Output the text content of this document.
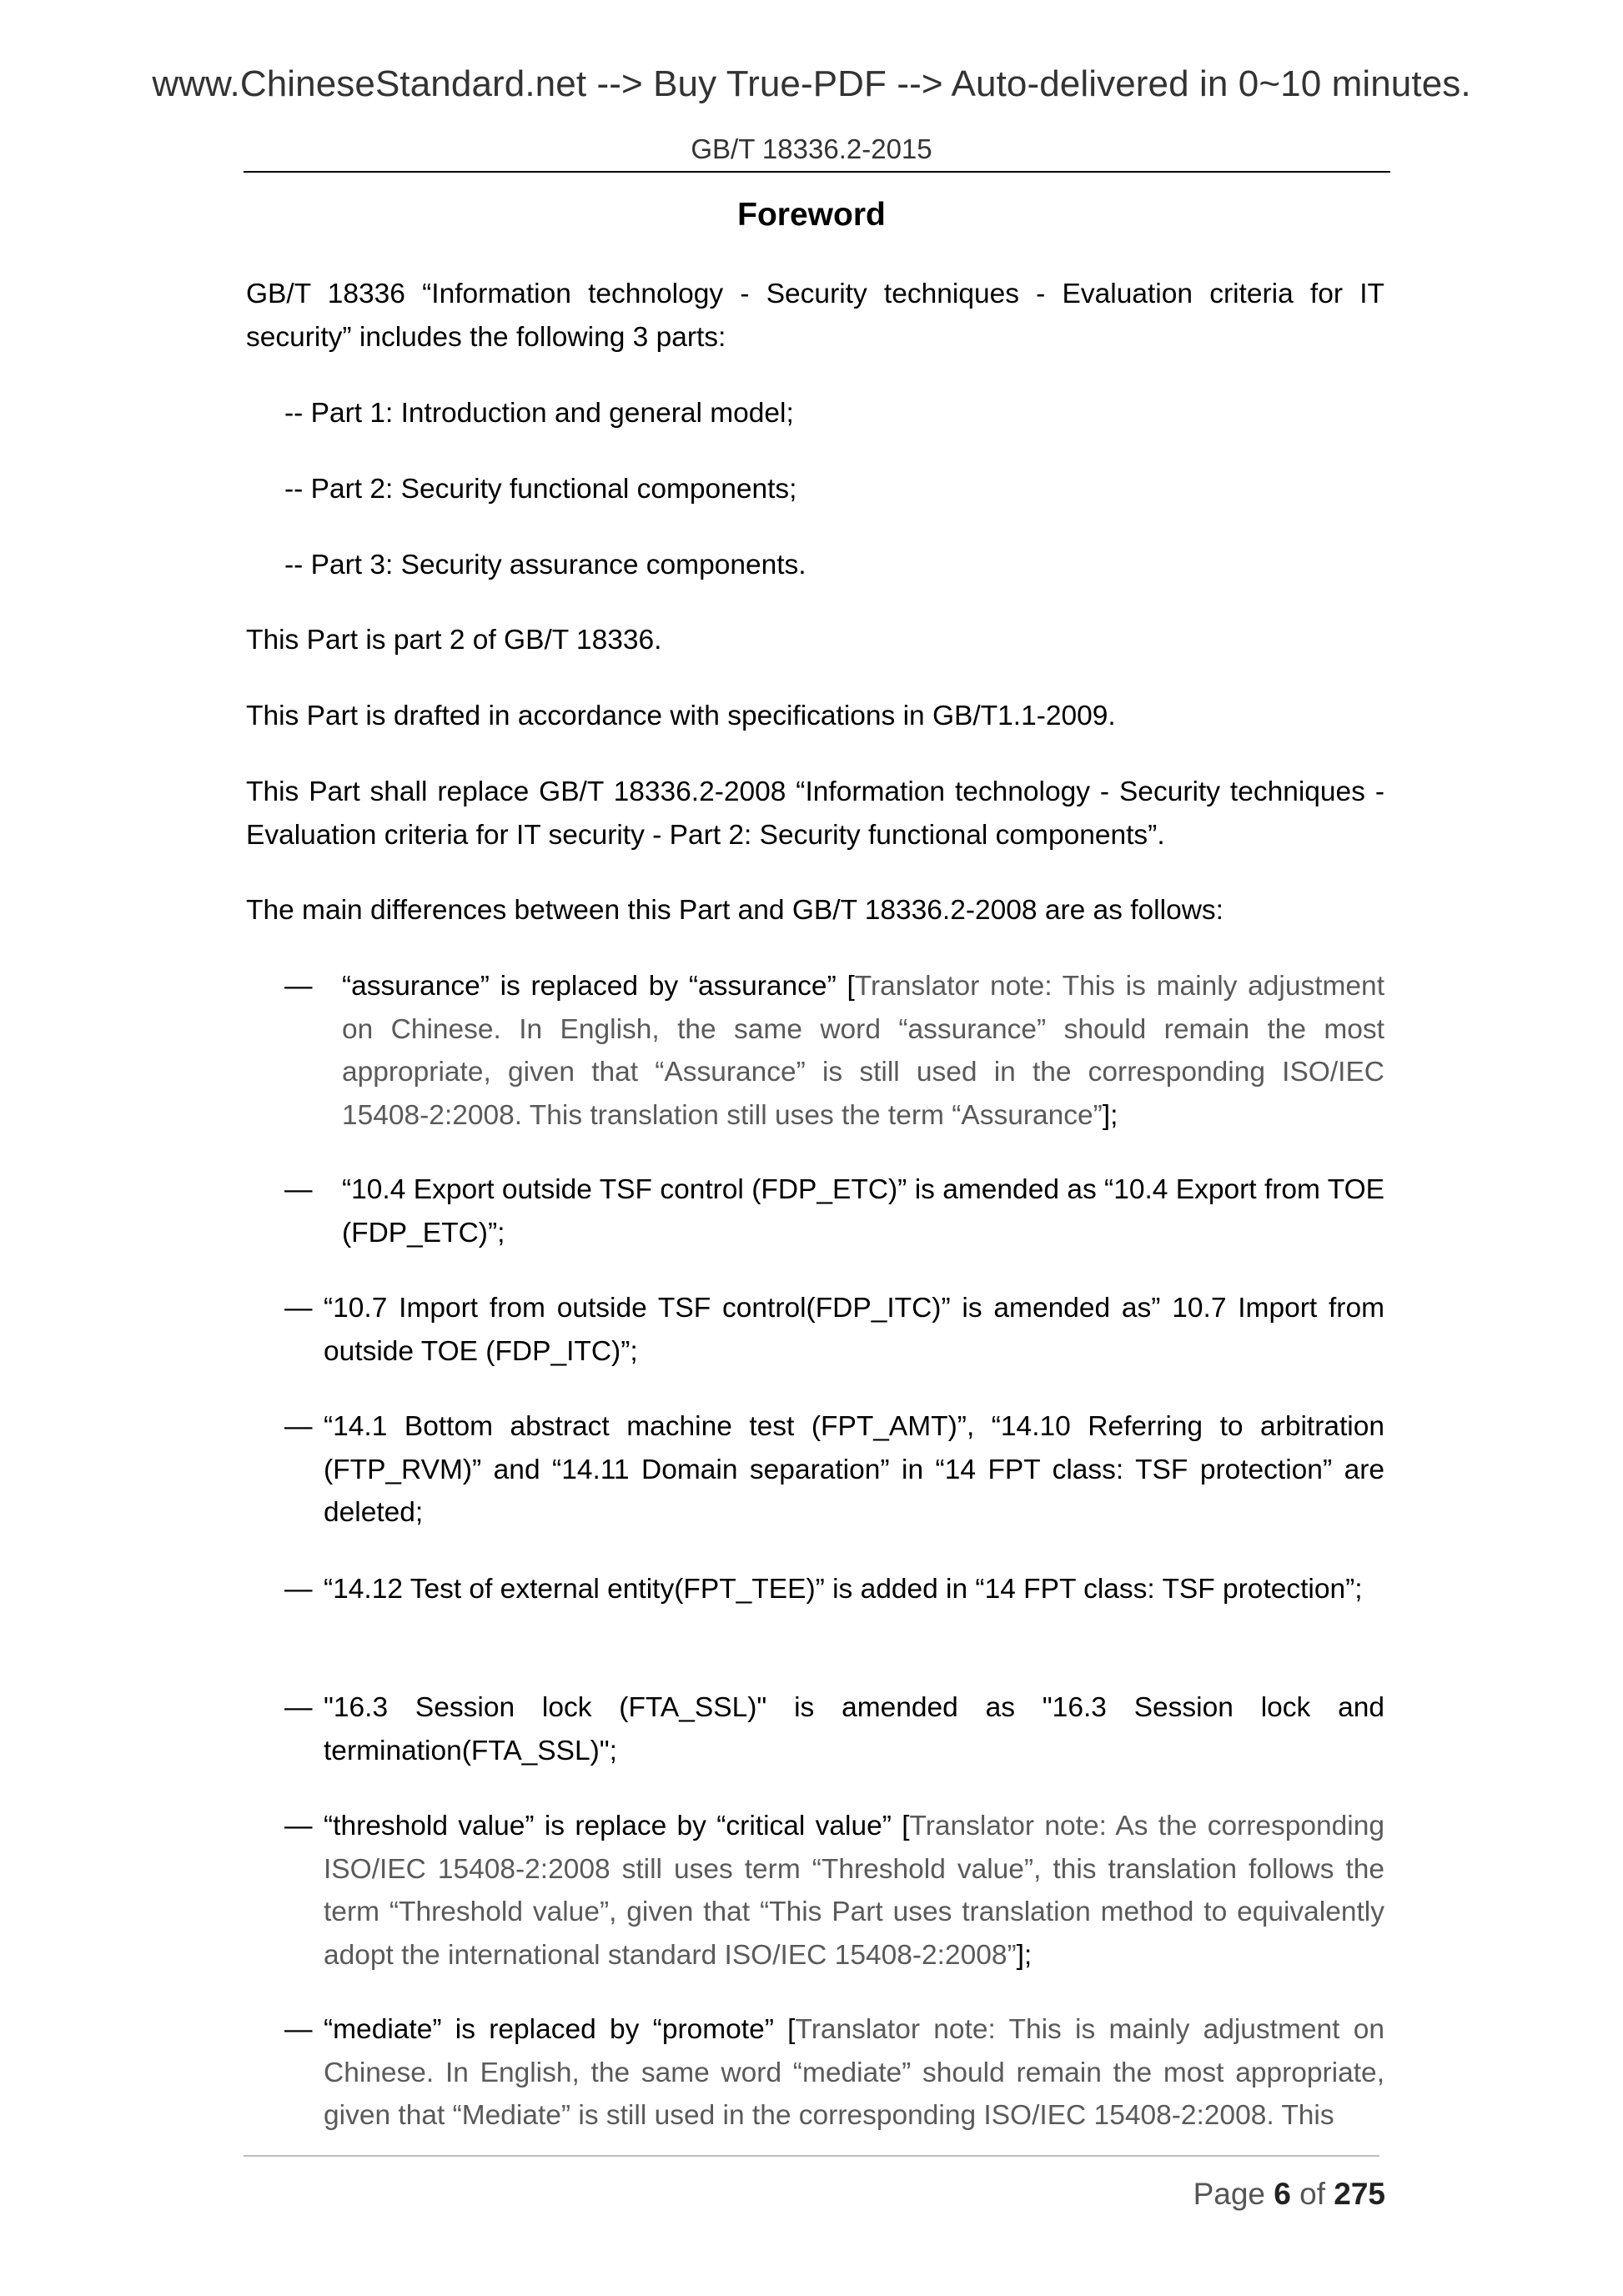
www.ChineseStandard.net --> Buy True-PDF --> Auto-delivered in 0~10 minutes.
GB/T 18336.2-2015
Foreword
GB/T 18336 “Information technology - Security techniques - Evaluation criteria for IT security” includes the following 3 parts:
-- Part 1: Introduction and general model;
-- Part 2: Security functional components;
-- Part 3: Security assurance components.
This Part is part 2 of GB/T 18336.
This Part is drafted in accordance with specifications in GB/T1.1-2009.
This Part shall replace GB/T 18336.2-2008 “Information technology - Security techniques - Evaluation criteria for IT security - Part 2: Security functional components”.
The main differences between this Part and GB/T 18336.2-2008 are as follows:
— “assurance” is replaced by “assurance” [Translator note: This is mainly adjustment on Chinese. In English, the same word “assurance” should remain the most appropriate, given that “Assurance” is still used in the corresponding ISO/IEC 15408-2:2008. This translation still uses the term “Assurance”];
— “10.4 Export outside TSF control (FDP_ETC)” is amended as “10.4 Export from TOE (FDP_ETC)”;
— “10.7 Import from outside TSF control(FDP_ITC)” is amended as” 10.7 Import from outside TOE (FDP_ITC)”;
— “14.1 Bottom abstract machine test (FPT_AMT)”, “14.10 Referring to arbitration (FTP_RVM)” and “14.11 Domain separation” in “14 FPT class: TSF protection” are deleted;
— “14.12 Test of external entity(FPT_TEE)” is added in “14 FPT class: TSF protection”;
— "16.3 Session lock (FTA_SSL)" is amended as "16.3 Session lock and termination(FTA_SSL)";
— “threshold value” is replace by “critical value” [Translator note: As the corresponding ISO/IEC 15408-2:2008 still uses term “Threshold value”, this translation follows the term “Threshold value”, given that “This Part uses translation method to equivalently adopt the international standard ISO/IEC 15408-2:2008”];
— “mediate” is replaced by “promote” [Translator note: This is mainly adjustment on Chinese. In English, the same word “mediate” should remain the most appropriate, given that “Mediate” is still used in the corresponding ISO/IEC 15408-2:2008. This
Page 6 of 275
